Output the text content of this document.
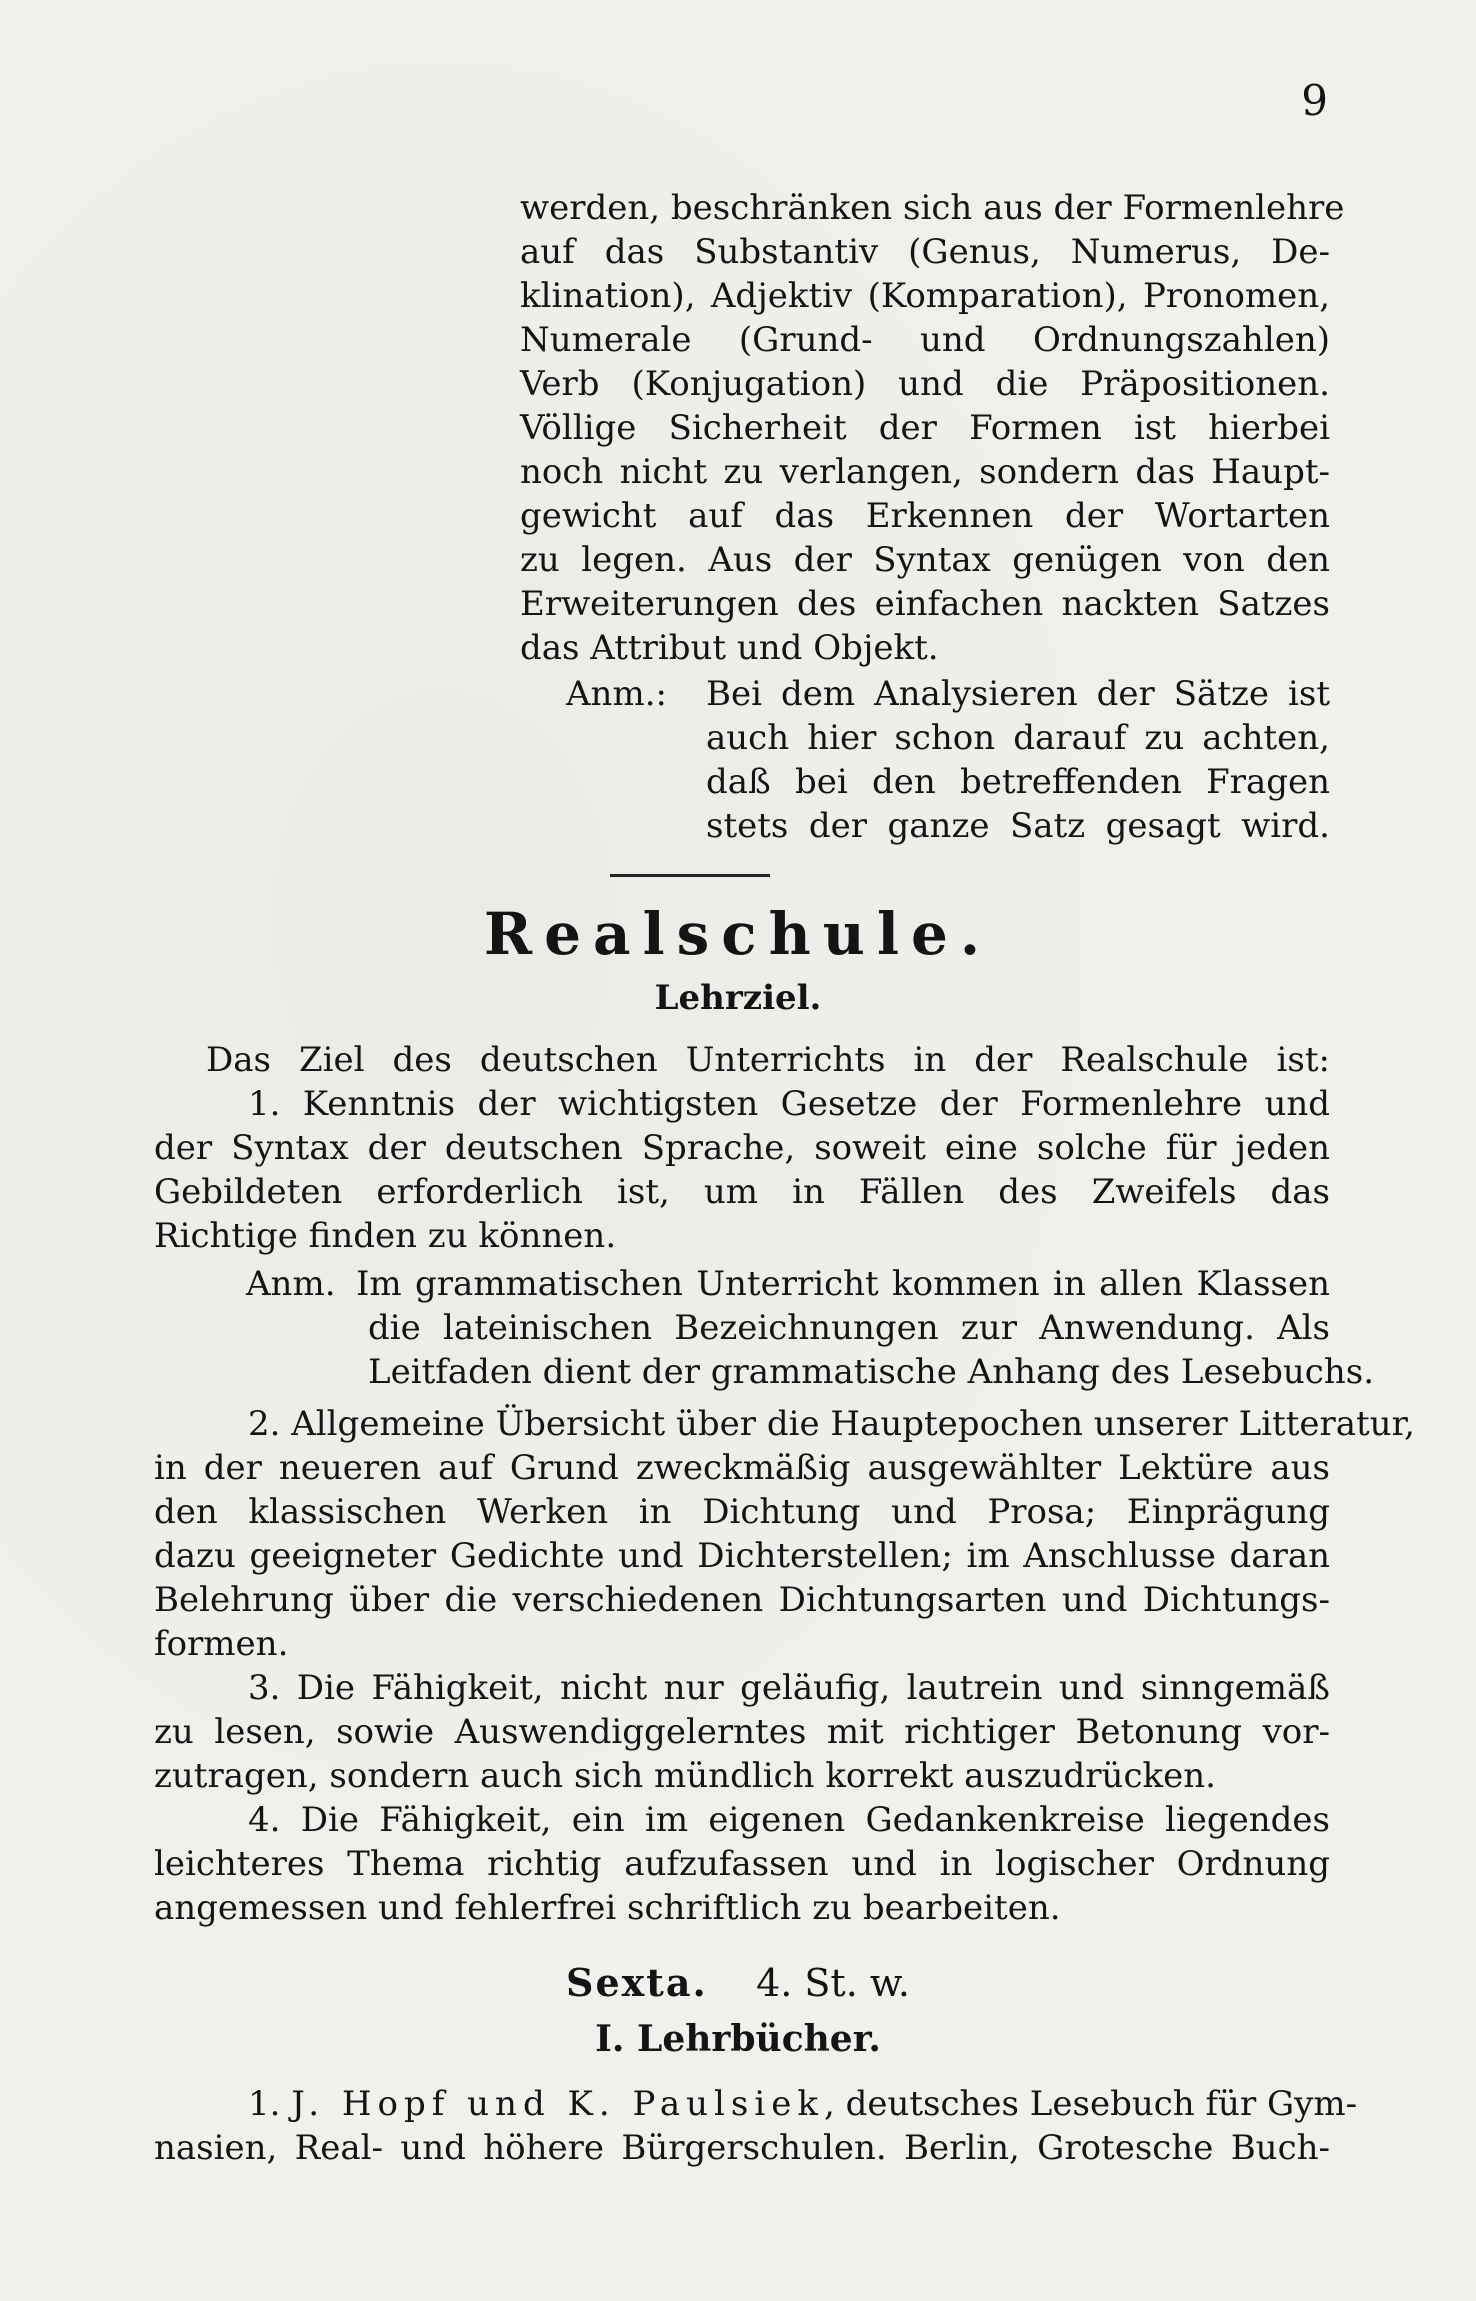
9
werden, beschränken sich aus der Formenlehre
auf das Substantiv (Genus, Numerus, De-
klination), Adjektiv (Komparation), Pronomen,
Numerale (Grund- und Ordnungszahlen)
Verb (Konjugation) und die Präpositionen.
Völlige Sicherheit der Formen ist hierbei
noch nicht zu verlangen, sondern das Haupt-
gewicht auf das Erkennen der Wortarten
zu legen. Aus der Syntax genügen von den
Erweiterungen des einfachen nackten Satzes
das Attribut und Objekt.
Anm.: Bei dem Analysieren der Sätze ist
auch hier schon darauf zu achten,
daß bei den betreffenden Fragen
stets der ganze Satz gesagt wird.
Realschule.
Lehrziel.
Das Ziel des deutschen Unterrichts in der Realschule ist:
1. Kenntnis der wichtigsten Gesetze der Formenlehre und
der Syntax der deutschen Sprache, soweit eine solche für jeden
Gebildeten erforderlich ist, um in Fällen des Zweifels das
Richtige finden zu können.
Anm. Im grammatischen Unterricht kommen in allen Klassen
die lateinischen Bezeichnungen zur Anwendung. Als
Leitfaden dient der grammatische Anhang des Lesebuchs.
2. Allgemeine Übersicht über die Hauptepochen unserer Litteratur,
in der neueren auf Grund zweckmäßig ausgewählter Lektüre aus
den klassischen Werken in Dichtung und Prosa; Einprägung
dazu geeigneter Gedichte und Dichterstellen; im Anschlusse daran
Belehrung über die verschiedenen Dichtungsarten und Dichtungs-
formen.
3. Die Fähigkeit, nicht nur geläufig, lautrein und sinngemäß
zu lesen, sowie Auswendiggelerntes mit richtiger Betonung vor-
zutragen, sondern auch sich mündlich korrekt auszudrücken.
4. Die Fähigkeit, ein im eigenen Gedankenkreise liegendes
leichteres Thema richtig aufzufassen und in logischer Ordnung
angemessen und fehlerfrei schriftlich zu bearbeiten.
Sexta. 4. St. w.
I. Lehrbücher.
1. J. Hopf und K. Paulsiek, deutsches Lesebuch für Gym-
nasien, Real- und höhere Bürgerschulen. Berlin, Grotesche Buch-
